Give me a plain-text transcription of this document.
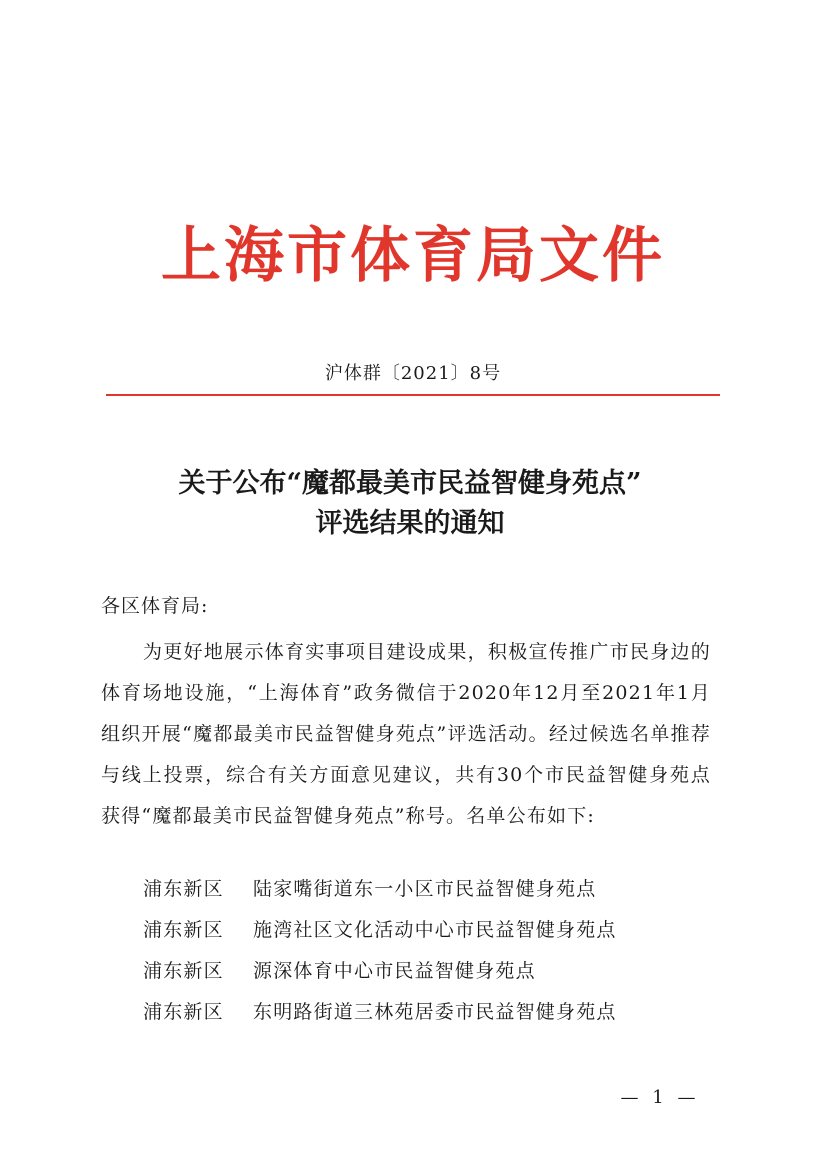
上海市体育局文件
沪体群〔2021〕8号
关于公布“魔都最美市民益智健身苑点”
评选结果的通知
各区体育局:
为更好地展示体育实事项目建设成果，积极宣传推广市民身边的体育场地设施，“上海体育”政务微信于2020年12月至2021年1月组织开展“魔都最美市民益智健身苑点”评选活动。经过候选名单推荐与线上投票，综合有关方面意见建议，共有30个市民益智健身苑点获得“魔都最美市民益智健身苑点”称号。名单公布如下:
浦东新区 陆家嘴街道东一小区市民益智健身苑点
浦东新区 施湾社区文化活动中心市民益智健身苑点
浦东新区 源深体育中心市民益智健身苑点
浦东新区 东明路街道三林苑居委市民益智健身苑点
— 1 —
